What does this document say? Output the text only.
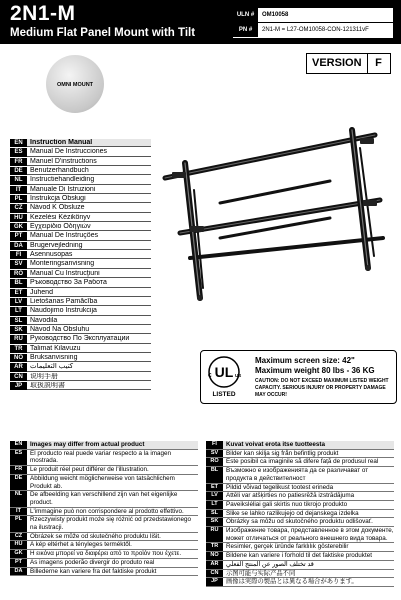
2N1-M
Medium Flat Panel Mount with Tilt
ULN #	OM10058
PN #	2N1-M = L27-OM10058-CON-121311vF
OMNI MOUNT
VERSION	F
EN	Instruction Manual
ES	Manual De Instrucciones
FR	Manuel D'instructions
DE	Benutzerhandbuch
NL	Instructiehandleiding
IT	Manuale Di Istruzioni
PL	Instrukcja Obsługi
CZ	Návod K Obsluze
HU	Kezelési Kézikönyv
GK	Εγχειρίδιο Οδηγιών
PT	Manual De Instruções
DA	Brugervejledning
FI	Asennusopas
SV	Monteringsanvisning
RO	Manual Cu Instrucţiuni
BL	Ръководство За Работа
ET	Juhend
LV	Lietošanas Pamācība
LT	Naudojimo Instrukcija
SL	Navodila
SK	Návod Na Obsluhu
RU	Руководство По Эксплуатации
TR	Talimat Kilavuzu
NO	Bruksanvisning
AR	كتيب التعليمات
CN	说明手册
JP	取扱説明書
UL
C	US
LISTED
Maximum screen size: 42"
Maximum weight 80 lbs - 36 KG
CAUTION: DO NOT EXCEED MAXIMUM LISTED WEIGHT CAPACITY. SERIOUS INJURY OR PROPERTY DAMAGE MAY OCCUR!
EN	Images may differ from actual product
ES	El producto real puede variar respecto a la imagen mostrada.
FR	Le produit réel peut différer de l'illustration.
DE	Abbildung weicht möglicherweise von tatsächlichem Produkt ab.
NL	De afbeelding kan verschillend zijn van het eigenlijke product.
IT	L'immagine può non corrispondere al prodotto effettivo.
PL	Rzeczywisty produkt może się różnić od przedstawionego na ilustracji.
CZ	Obrázek se může od skutečného produktu lišit.
HU	A kép eltérhet a tényleges terméktől.
GK	Η εικόνα μπορεί να διαφέρει από το προϊόν που έχετε.
PT	As imagens poderão divergir do produto real
DA	Billederne kan variere fra det faktiske produkt
FI	Kuvat voivat erota itse tuotteesta
SV	Bilder kan skilja sig från befintlig produkt
RO	Este posibil ca imaginile să difere față de produsul real
BL	Възможно е изображенията да се различават от продукта в действителност
ET	Pildid võivad tegelikust tootest erineda
LV	Attēli var atšķirties no patiesrēžā izstrādājuma
LT	Paveikslėliai gali skirtis nuo tikrojo produkto
SL	Slike se lahko razlikujejo od dejanskega izdelka
SK	Obrázky sa môžu od skutočného produktu odlišovať.
RU	Изображение товара, представленное в этом документе, может отличаться от реального внешнего вида товара.
TR	Resimler, gerçek üründe farklılık gösterebilir
NO	Bildene kan variere i forhold til det faktiske produktet
AR	قد تختلف الصور عن المنتج الفعلي
CN	示图可能与实际产品不同
JP	画像は実際の製品とは異なる場合があります。
